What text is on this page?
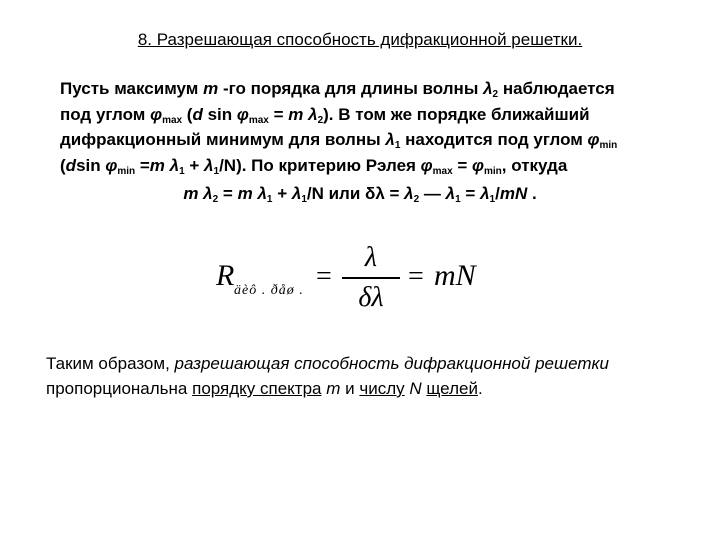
8. Разрешающая способность дифракционной решетки.
Пусть максимум m -го порядка для длины волны $\lambda_2$ наблюдается
под углом $\varphi_{max}$ (d $\sin \varphi_{max} = m$ $\lambda_2$). В том же порядке ближайший
дифракционный минимум для волны $\lambda_1$ находится под углом $\varphi_{min}$
(dsin $\varphi_{min} =m$ $\lambda_1 + \lambda_1/N$). По критерию Рэлея $\varphi_{max} = \varphi_{min}$, откуда
m $\lambda_2 = m$ $\lambda_1 + \lambda_1/N$ или $\delta\lambda = \lambda_2$ — $\lambda_1 = \lambda_1/mN$ .
R äèô . ðåø . =
λ
δλ
= mN
Таким образом, разрешающая способность дифракционной решетки пропорциональна порядку спектра m и числу N щелей.
